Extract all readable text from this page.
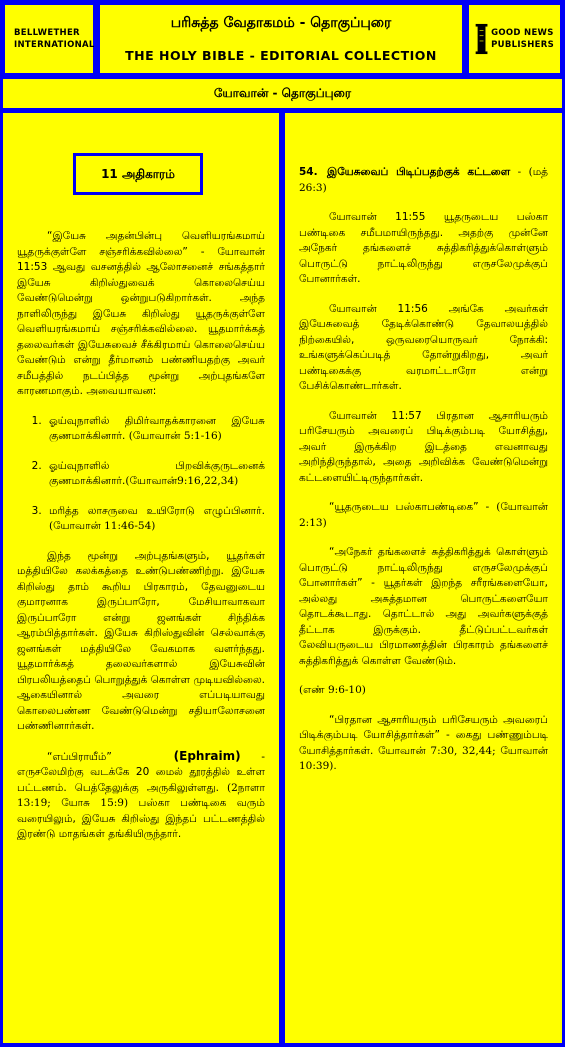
BELLWETHER
INTERNATIONAL
பரிசுத்த வேதாகமம் - தொகுப்புரை
THE HOLY BIBLE - EDITORIAL COLLECTION
GOOD NEWS
PUBLISHERS
யோவான் - தொகுப்புரை
11 அதிகாரம்

“இயேசு அதன்பின்பு வெளியரங்கமாய் யூதருக்குள்ளே சஞ்சரிக்கவில்லை” - யோவான் 11:53 ஆவது வசனத்தில் ஆலோசனைச் சங்கத்தார் இயேசு கிறிஸ்துவைக் கொலைசெய்ய வேண்டுமென்று ஒன்றுபடுகிறார்கள். அந்த நாளிலிருந்து இயேசு கிறிஸ்து யூதருக்குள்ளே வெளியரங்கமாய் சஞ்சரிக்கவில்லை. யூதமார்க்கத் தலைவர்கள் இயேசுவைச் சீக்கிரமாய் கொலைசெய்ய வேண்டும் என்று தீர்மானம் பண்ணியதற்கு அவர் சமீபத்தில் நடப்பித்த மூன்று அற்புதங்களே காரணமாகும். அவையாவன:

1. ஓய்வுநாளில் திமிர்வாதக்காரனை இயேசு குணமாக்கினார். (யோவான் 5:1-16)
2. ஓய்வுநாளில் பிறவிக்குருடனைக் குணமாக்கினார்.(யோவான்9:16,22,34)
3. மரித்த லாசருவை உயிரோடு எழுப்பினார். (யோவான் 11:46-54)

இந்த மூன்று அற்புதங்களும், யூதர்கள் மத்தியிலே கலக்கத்தை உண்டுபண்ணிற்று. இயேசு கிறிஸ்து தாம் கூறிய பிரகாரம், தேவனுடைய குமாரனாக இருப்பாரோ, மேசியாவாகவா இருப்பாரோ என்று ஜனங்கள் சிந்திக்க ஆரம்பித்தார்கள். இயேசு கிறிஸ்துவின் செல்வாக்கு ஜனங்கள் மத்தியிலே வேகமாக வளர்ந்தது. யூதமார்க்கத் தலைவர்களால் இயேசுவின் பிரபலியத்தைப் பொறுத்துக் கொள்ள முடியவில்லை. ஆகையினால் அவரை எப்படியாவது கொலைபண்ண வேண்டுமென்று சதியாலோசனை பண்ணினார்கள்.

“எப்பிராயீம்”	(Ephraim) - எருசலேமிற்கு வடக்கே 20 மைல் தூரத்தில் உள்ள பட்டணம். பெத்தேலுக்கு அருகிலுள்ளது. (2நாளா 13:19; யோசு 15:9) பஸ்கா பண்டிகை வரும் வரையிலும், இயேசு கிறிஸ்து இந்தப் பட்டணத்தில் இரண்டு மாதங்கள் தங்கியிருந்தார்.

54. இயேசுவைப் பிடிப்பதற்குக் கட்டளை - (மத் 26:3)

யோவான் 11:55 யூதருடைய பஸ்கா பண்டிகை சமீபமாயிருந்தது. அதற்கு முன்னே அநேகர் தங்களைச் சுத்திகரித்துக்கொள்ளும் பொருட்டு நாட்டிலிருந்து எருசலேமுக்குப் போனார்கள்.

யோவான் 11:56 அங்கே அவர்கள் இயேசுவைத் தேடிக்கொண்டு தேவாலயத்தில் நிற்கையில், ஒருவரையொருவர் நோக்கி: உங்களுக்கெப்படித் தோன்றுகிறது, அவர் பண்டிகைக்கு வரமாட்டாரோ என்று பேசிக்கொண்டார்கள்.

யோவான் 11:57 பிரதான ஆசாரியரும் பரிசேயரும் அவரைப் பிடிக்கும்படி யோசித்து, அவர் இருக்கிற இடத்தை எவனாவது அறிந்திருந்தால், அதை அறிவிக்க வேண்டுமென்று கட்டளையிட்டிருந்தார்கள்.

“யூதருடைய பஸ்காபண்டிகை” - (யோவான் 2:13)

“அநேகர் தங்களைச் சுத்திகரித்துக் கொள்ளும் பொருட்டு நாட்டிலிருந்து எருசலேமுக்குப் போனார்கள்” - யூதர்கள் இறந்த சரீரங்களையோ, அல்லது அசுத்தமான பொருட்களையோ தொடக்கூடாது. தொட்டால் அது அவர்களுக்குத் தீட்டாக இருக்கும். தீட்டுப்பட்டவர்கள் லேவியருடைய பிரமாணத்தின் பிரகாரம் தங்களைச் சுத்திகரித்துக் கொள்ள வேண்டும்.

(எண் 9:6-10)

“பிரதான ஆசாரியரும் பரிசேயரும் அவரைப் பிடிக்கும்படி யோசித்தார்கள்” - கைது பண்ணும்படி யோசித்தார்கள். யோவான் 7:30, 32,44; யோவான் 10:39).
